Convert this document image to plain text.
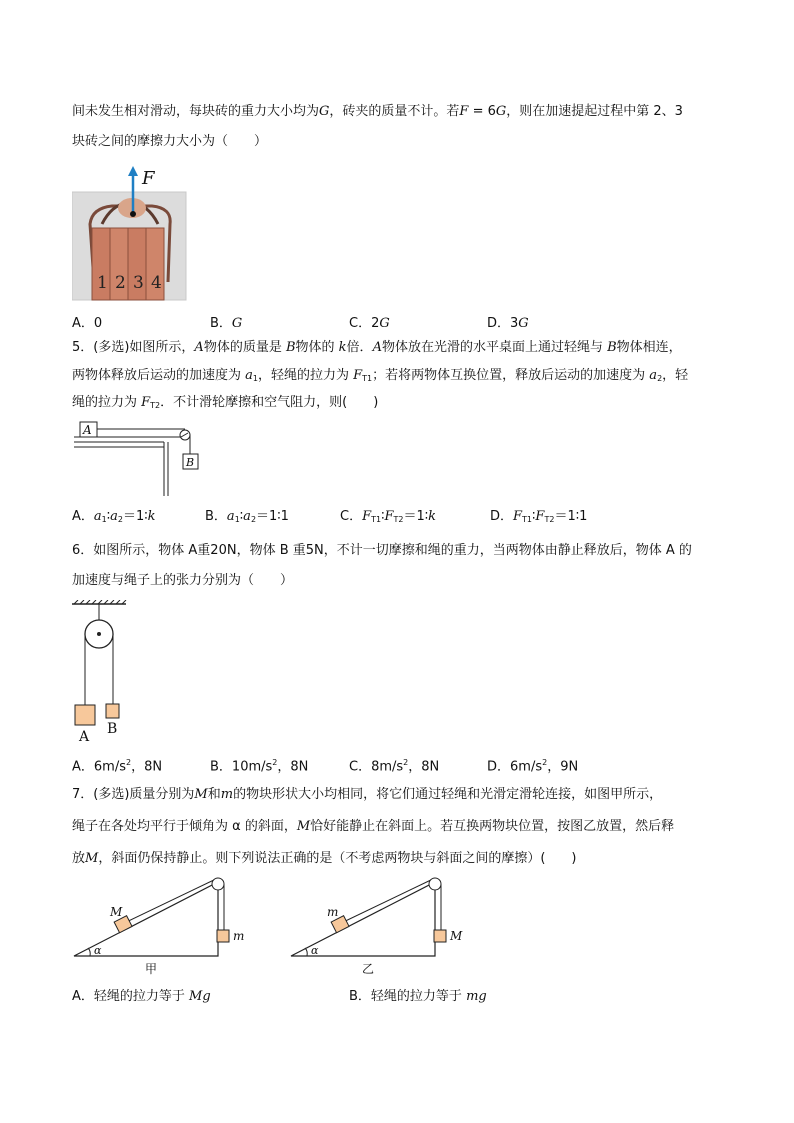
间未发生相对滑动，每块砖的重力大小均为G，砖夹的质量不计。若F = 6G，则在加速提起过程中第 2、3
块砖之间的摩擦力大小为（　　）
1 2 3 4
F
A．0	B．G	C．2G	D．3G
5．(多选)如图所示，A物体的质量是 B物体的 k倍．A物体放在光滑的水平桌面上通过轻绳与 B物体相连，
两物体释放后运动的加速度为 $a_1$，轻绳的拉力为 $F_{T1}$；若将两物体互换位置，释放后运动的加速度为 $a_2$，轻
绳的拉力为 $F_{T2}$．不计滑轮摩擦和空气阻力，则(　　)
A
B
A．$a_1∶a_2=1∶k$	B．$a_1∶a_2=1∶1$	C．$F_{T1}∶F_{T2}=1∶k$	D．$F_{T1}∶F_{T2}=1∶1$
6．如图所示，物体 A重20N，物体 B 重5N，不计一切摩擦和绳的重力，当两物体由静止释放后，物体 A 的
加速度与绳子上的张力分别为（　　）
A B
A．$6m/s^2$，8N	B．$10m/s^2$，8N	C．$8m/s^2$，8N	D．$6m/s^2$，9N
7．(多选)质量分别为M和m的物块形状大小均相同，将它们通过轻绳和光滑定滑轮连接，如图甲所示，
绳子在各处均平行于倾角为 α 的斜面，M恰好能静止在斜面上。若互换两物块位置，按图乙放置，然后释
放M，斜面仍保持静止。则下列说法正确的是（不考虑两物块与斜面之间的摩擦）(　　)
M
m
α
甲
m
M
α
乙
A．轻绳的拉力等于 Mg	B．轻绳的拉力等于 mg
